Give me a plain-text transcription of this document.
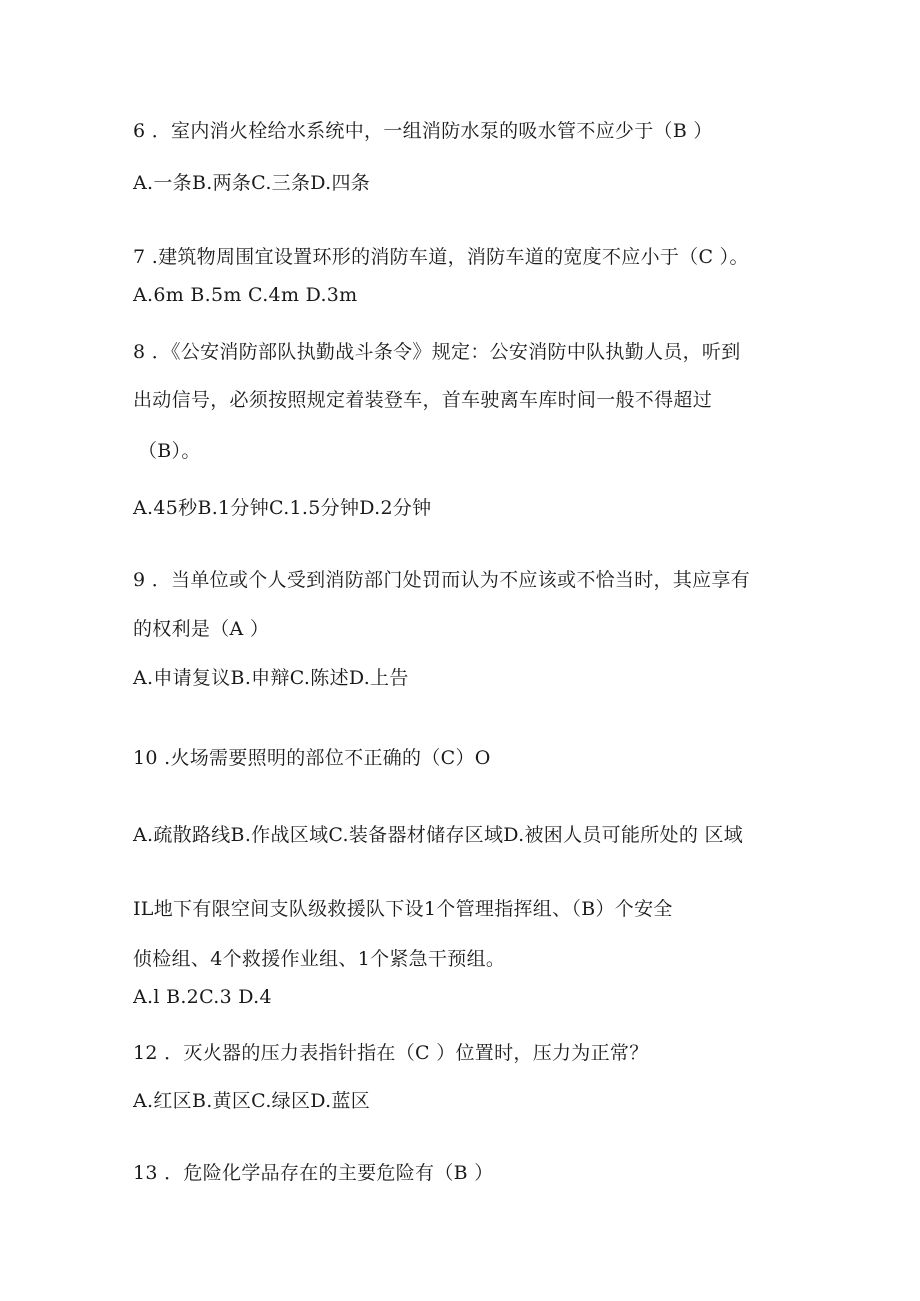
6 ．室内消火栓给水系统中，一组消防水泵的吸水管不应少于（B ）
A.一条B.两条C.三条D.四条
7 .建筑物周围宜设置环形的消防车道，消防车道的宽度不应小于（C ）。
A.6m B.5m C.4m D.3m
8 ．《公安消防部队执勤战斗条令》规定：公安消防中队执勤人员，听到
出动信号，必须按照规定着装登车，首车驶离车库时间一般不得超过
（B）。
A.45秒B.1分钟C.1.5分钟D.2分钟
9 ．当单位或个人受到消防部门处罚而认为不应该或不恰当时，其应享有
的权利是（A ）
A.申请复议B.申辩C.陈述D.上告
10 .火场需要照明的部位不正确的（C）O
A.疏散路线B.作战区域C.装备器材储存区域D.被困人员可能所处的 区域
IL地下有限空间支队级救援队下设1个管理指挥组、（B）个安全
侦检组、4个救援作业组、1个紧急干预组。
A.l B.2C.3 D.4
12 ．灭火器的压力表指针指在（C ）位置时，压力为正常？
A.红区B.黄区C.绿区D.蓝区
13 ．危险化学品存在的主要危险有（B ）
